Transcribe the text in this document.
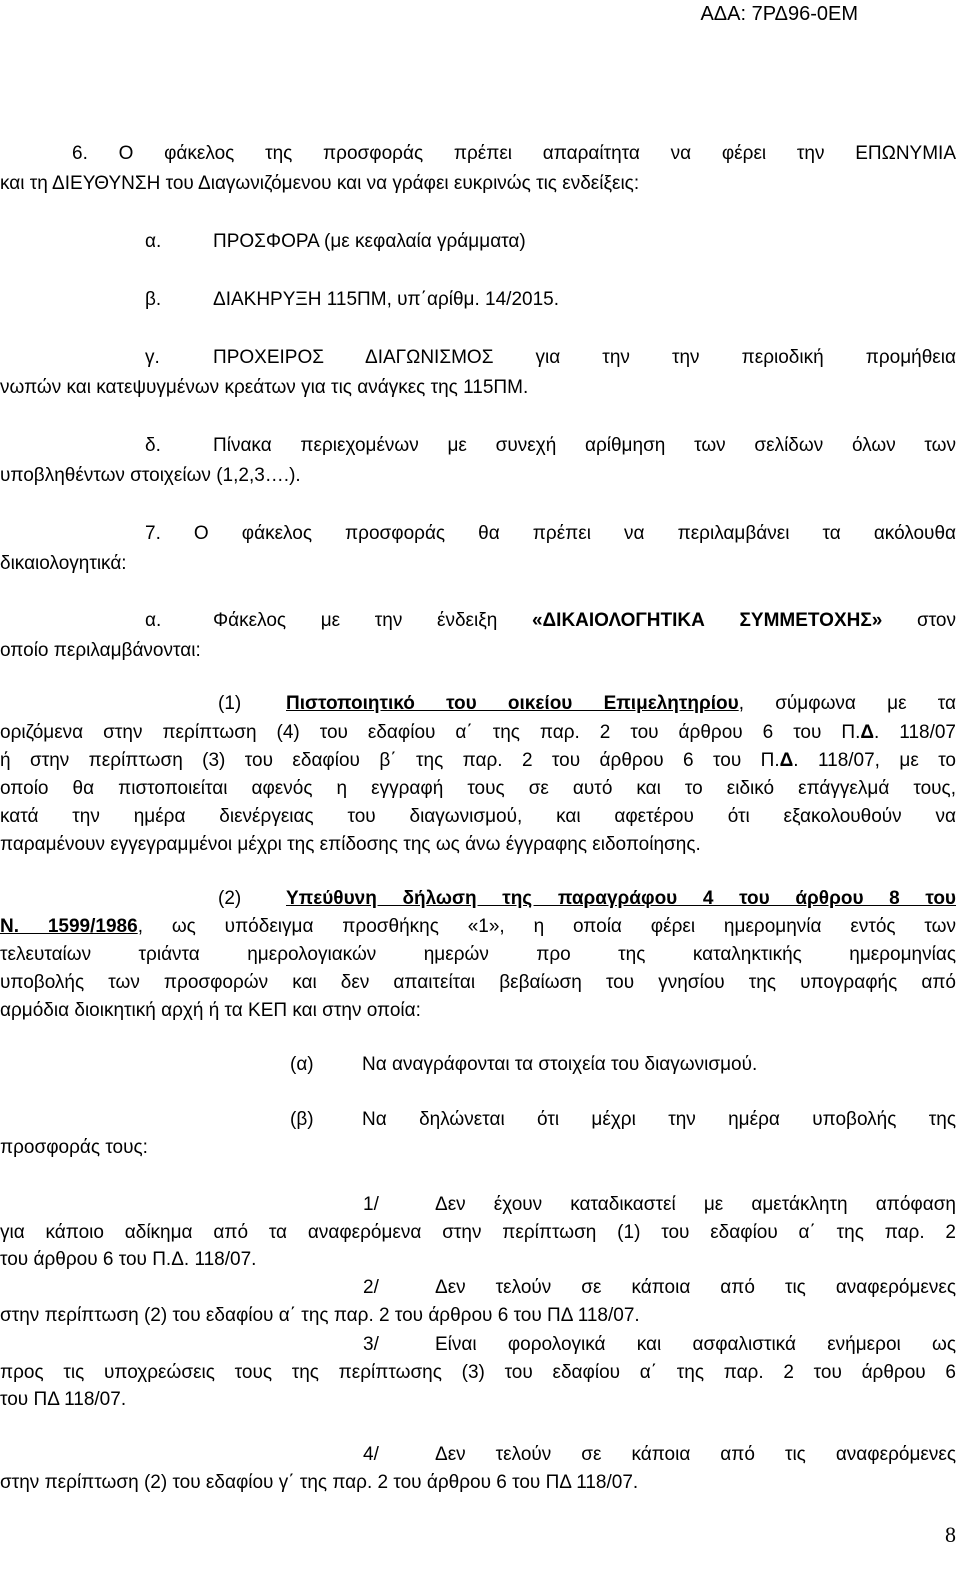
ΑΔΑ: 7ΡΔ96-0ΕΜ
6. Ο φάκελος της προσφοράς πρέπει απαραίτητα να φέρει την ΕΠΩΝΥΜΙΑ
και τη ΔΙΕΥΘΥΝΣΗ του Διαγωνιζόμενου και να γράφει ευκρινώς τις ενδείξεις:
α.	ΠΡΟΣΦΟΡΑ (με κεφαλαία γράμματα)
β.	ΔΙΑΚΗΡΥΞΗ 115ΠΜ, υπ΄αρίθμ. 14/2015.
γ.	ΠΡΟΧΕΙΡΟΣ ΔΙΑΓΩΝΙΣΜΟΣ για την την περιοδική προμήθεια
νωπών και κατεψυγμένων κρεάτων για τις ανάγκες της 115ΠΜ.
δ.	Πίνακα περιεχομένων με συνεχή αρίθμηση των σελίδων όλων των
υποβληθέντων στοιχείων (1,2,3….).
7. Ο φάκελος προσφοράς θα πρέπει να περιλαμβάνει τα ακόλουθα
δικαιολογητικά:
α.	Φάκελος με την ένδειξη «ΔΙΚΑΙΟΛΟΓΗΤΙΚΑ ΣΥΜΜΕΤΟΧΗΣ» στον
οποίο περιλαμβάνονται:
(1) Πιστοποιητικό του οικείου Επιμελητηρίου, σύμφωνα με τα
οριζόμενα στην περίπτωση (4) του εδαφίου α΄ της παρ. 2 του άρθρου 6 του Π.Δ. 118/07
ή στην περίπτωση (3) του εδαφίου β΄ της παρ. 2 του άρθρου 6 του Π.Δ. 118/07, με το
οποίο θα πιστοποιείται αφενός η εγγραφή τους σε αυτό και το ειδικό επάγγελμά τους,
κατά την ημέρα διενέργειας του διαγωνισμού, και αφετέρου ότι εξακολουθούν να
παραμένουν εγγεγραμμένοι μέχρι της επίδοσης της ως άνω έγγραφης ειδοποίησης.
(2) Υπεύθυνη δήλωση της παραγράφου 4 του άρθρου 8 του
Ν. 1599/1986, ως υπόδειγμα προσθήκης «1», η οποία φέρει ημερομηνία εντός των
τελευταίων τριάντα ημερολογιακών ημερών προ της καταληκτικής ημερομηνίας
υποβολής των προσφορών και δεν απαιτείται βεβαίωση του γνησίου της υπογραφής από
αρμόδια διοικητική αρχή ή τα ΚΕΠ και στην οποία:
(α)	Να αναγράφονται τα στοιχεία του διαγωνισμού.
(β)	Να δηλώνεται ότι μέχρι την ημέρα υποβολής της
προσφοράς τους:
1/	Δεν έχουν καταδικαστεί με αμετάκλητη απόφαση
για κάποιο αδίκημα από τα αναφερόμενα στην περίπτωση (1) του εδαφίου α΄ της παρ. 2
του άρθρου 6 του Π.Δ. 118/07.
2/	Δεν τελούν σε κάποια από τις αναφερόμενες
στην περίπτωση (2) του εδαφίου α΄ της παρ. 2 του άρθρου 6 του ΠΔ 118/07.
3/	Είναι φορολογικά και ασφαλιστικά ενήμεροι ως
προς τις υποχρεώσεις τους της περίπτωσης (3) του εδαφίου α΄ της παρ. 2 του άρθρου 6
του ΠΔ 118/07.
4/	Δεν τελούν σε κάποια από τις αναφερόμενες
στην περίπτωση (2) του εδαφίου γ΄ της παρ. 2 του άρθρου 6 του ΠΔ 118/07.
8
